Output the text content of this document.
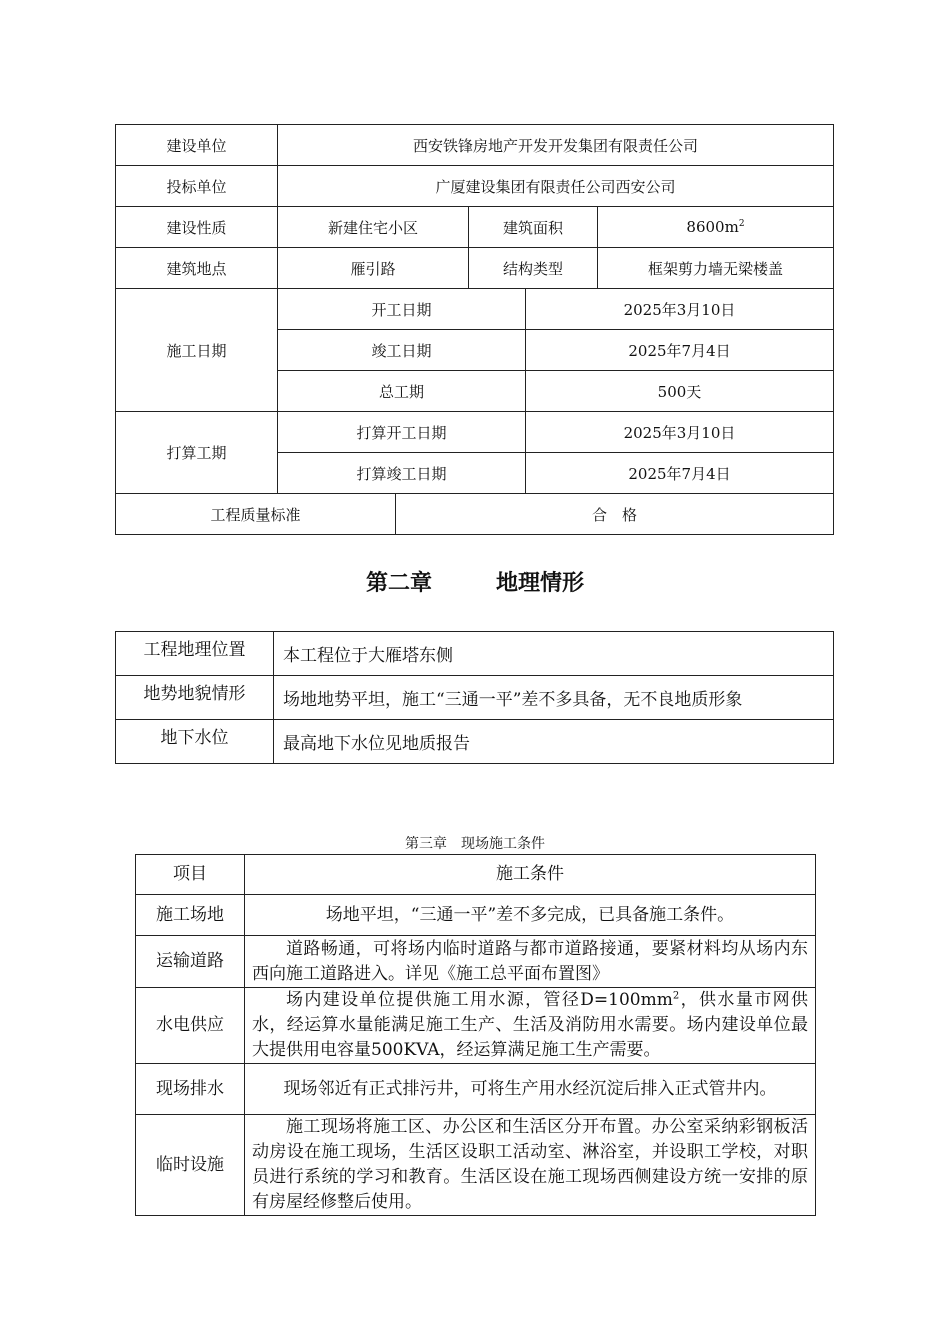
建设单位	西安铁锋房地产开发开发集团有限责任公司				
投标单位	广厦建设集团有限责任公司西安公司				
建设性质	新建住宅小区		建筑面积		$8600m^2$
建筑地点	雁引路		结构类型		框架剪力墙无梁楼盖
施工日期	开工日期			2025年3月10日	
	竣工日期			2025年7月4日	
	总工期			500天	
打算工期	打算开工日期			2025年3月10日	
	打算竣工日期			2025年7月4日	
工程质量标准		合　格			
第二章	地理情形
工程地理位置	本工程位于大雁塔东侧
地势地貌情形	场地地势平坦，施工“三通一平”差不多具备，无不良地质形象
地下水位	最高地下水位见地质报告
第三章　现场施工条件
项目	施工条件
施工场地	场地平坦，“三通一平”差不多完成，已具备施工条件。
运输道路	道路畅通，可将场内临时道路与都市道路接通，要紧材料均从场内东西向施工道路进入。详见《施工总平面布置图》
水电供应	场内建设单位提供施工用水源，管径$D=100mm^2$，供水量市网供水，经运算水量能满足施工生产、生活及消防用水需要。场内建设单位最大提供用电容量500KVA，经运算满足施工生产需要。
现场排水	现场邻近有正式排污井，可将生产用水经沉淀后排入正式管井内。
临时设施	施工现场将施工区、办公区和生活区分开布置。办公室采纳彩钢板活动房设在施工现场，生活区设职工活动室、淋浴室，并设职工学校，对职员进行系统的学习和教育。生活区设在施工现场西侧建设方统一安排的原有房屋经修整后使用。
